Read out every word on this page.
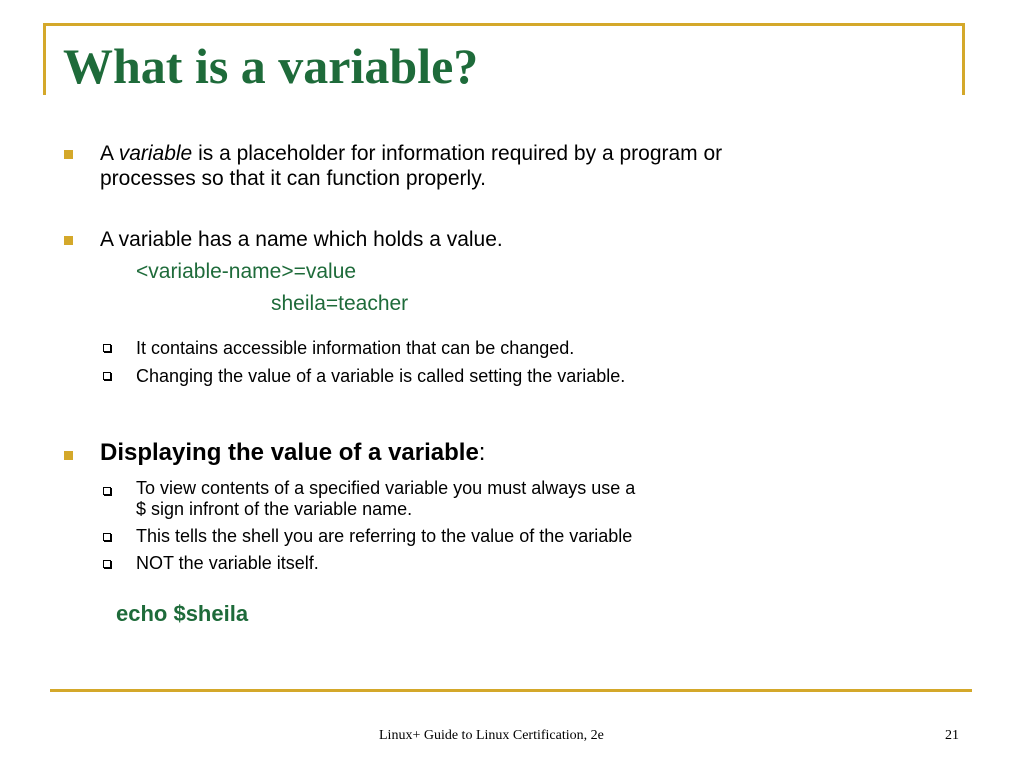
What is a variable?
A variable is a placeholder for information required by a program or
processes so that it can function properly.
A variable has a name which holds a value.
<variable-name>=value
sheila=teacher
It contains accessible information that can be changed.
Changing the value of a variable is called setting the variable.
Displaying the value of a variable:
To view contents of a specified variable you must always use a
$ sign infront of the variable name.
This tells the shell you are referring to the value of the variable
NOT the variable itself.
echo $sheila
Linux+ Guide to Linux Certification, 2e	21
